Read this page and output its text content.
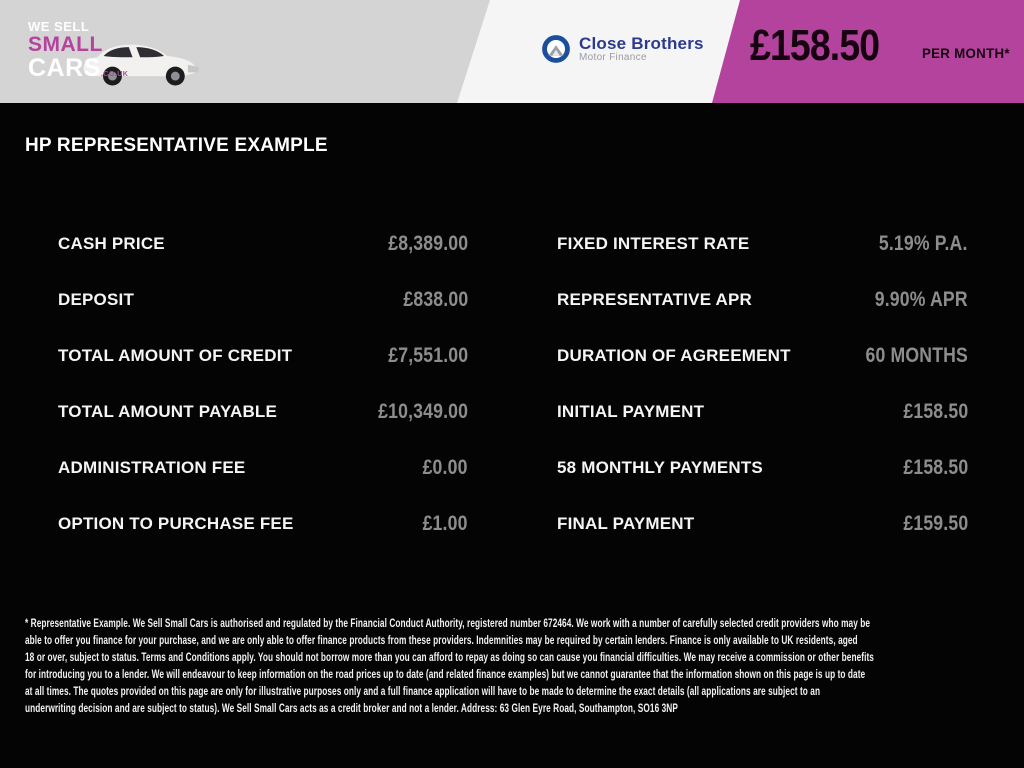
WE SELL
SMALL
CARS.CO.UK
Close Brothers
Motor Finance	£158.50	PER MONTH*
HP REPRESENTATIVE EXAMPLE
CASH PRICE	£8,389.00
DEPOSIT	£838.00
TOTAL AMOUNT OF CREDIT	£7,551.00
TOTAL AMOUNT PAYABLE	£10,349.00
ADMINISTRATION FEE	£0.00
OPTION TO PURCHASE FEE	£1.00
FIXED INTEREST RATE	5.19% P.A.
REPRESENTATIVE APR	9.90% APR
DURATION OF AGREEMENT	60 MONTHS
INITIAL PAYMENT	£158.50
58 MONTHLY PAYMENTS	£158.50
FINAL PAYMENT	£159.50
* Representative Example. We Sell Small Cars is authorised and regulated by the Financial Conduct Authority, registered number 672464. We work with a number of carefully selected credit providers who may be
able to offer you finance for your purchase, and we are only able to offer finance products from these providers. Indemnities may be required by certain lenders. Finance is only available to UK residents, aged
18 or over, subject to status. Terms and Conditions apply. You should not borrow more than you can afford to repay as doing so can cause you financial difficulties. We may receive a commission or other benefits
for introducing you to a lender. We will endeavour to keep information on the road prices up to date (and related finance examples) but we cannot guarantee that the information shown on this page is up to date
at all times. The quotes provided on this page are only for illustrative purposes only and a full finance application will have to be made to determine the exact details (all applications are subject to an
underwriting decision and are subject to status). We Sell Small Cars acts as a credit broker and not a lender. Address: 63 Glen Eyre Road, Southampton, SO16 3NP
